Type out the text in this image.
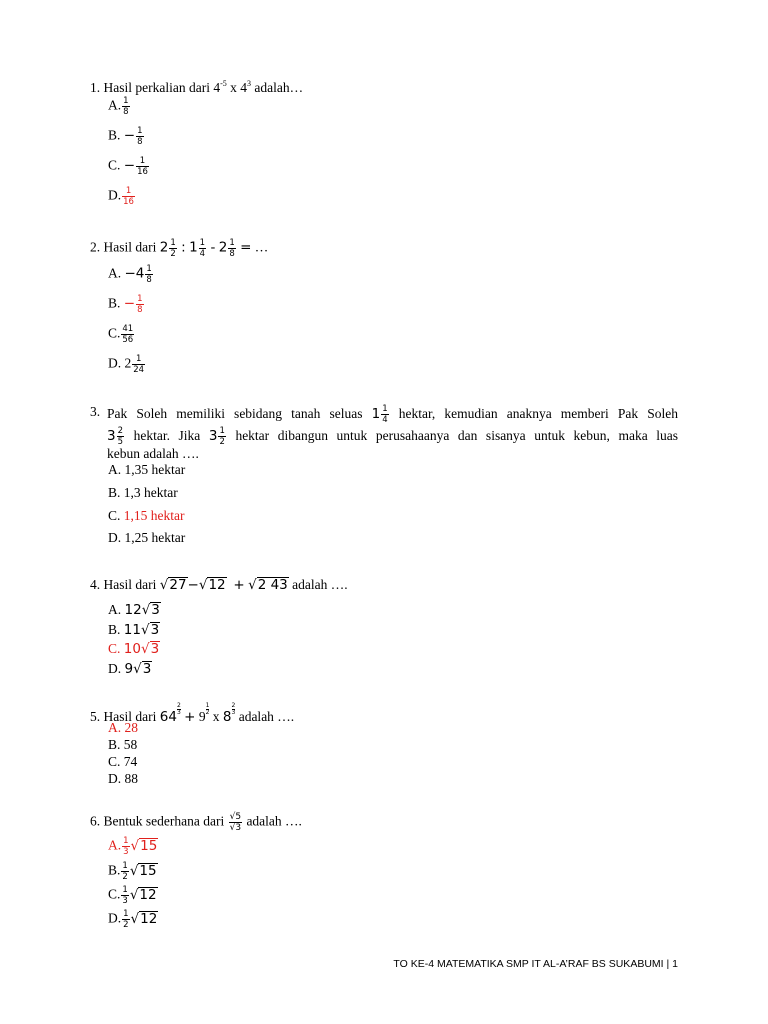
1. Hasil perkalian dari $4^{-5}$ x $4^3$ adalah…
A. $\frac{1}{8}$
B. − $\frac{1}{8}$
C. − $\frac{1}{16}$
D. $\frac{1}{16}$
2. Hasil dari $2 \frac{1}{2}$ : $1 \frac{1}{4} - 2 \frac{1}{8}$ = …
A. $-4 \frac{1}{8}$
B. − $\frac{1}{8}$
C. $\frac{41}{56}$
D. $2 \frac{1}{24}$
3. Pak Soleh memiliki sebidang tanah seluas $1 \frac{1}{4}$ hektar, kemudian anaknya memberi Pak Soleh
$3 \frac{2}{5}$ hektar. Jika $3 \frac{1}{2}$ hektar dibangun untuk perusahaanya dan sisanya untuk kebun, maka luas
kebun adalah ….
A. 1,35 hektar
B. 1,3 hektar
C. 1,15 hektar
D. 1,25 hektar
4. Hasil dari √27−√12 + √2 43 adalah ….
A. 12√3
B. 11√3
C. 10√3
D. 9√3
5. Hasil dari $64 \frac{2}{3} + 9 \frac{1}{2}$ x $8 \frac{2}{3}$ adalah ….
A. 28
B. 58
C. 74
D. 88
6. Bentuk sederhana dari $\frac{√5}{√3}$ adalah ….
A. $\frac{1}{3} √15$
B. $\frac{1}{2} √15$
C. $\frac{1}{3} √12$
D. $\frac{1}{2} √12$
TO KE-4 MATEMATIKA SMP IT AL-A’RAF BS SUKABUMI | 1
